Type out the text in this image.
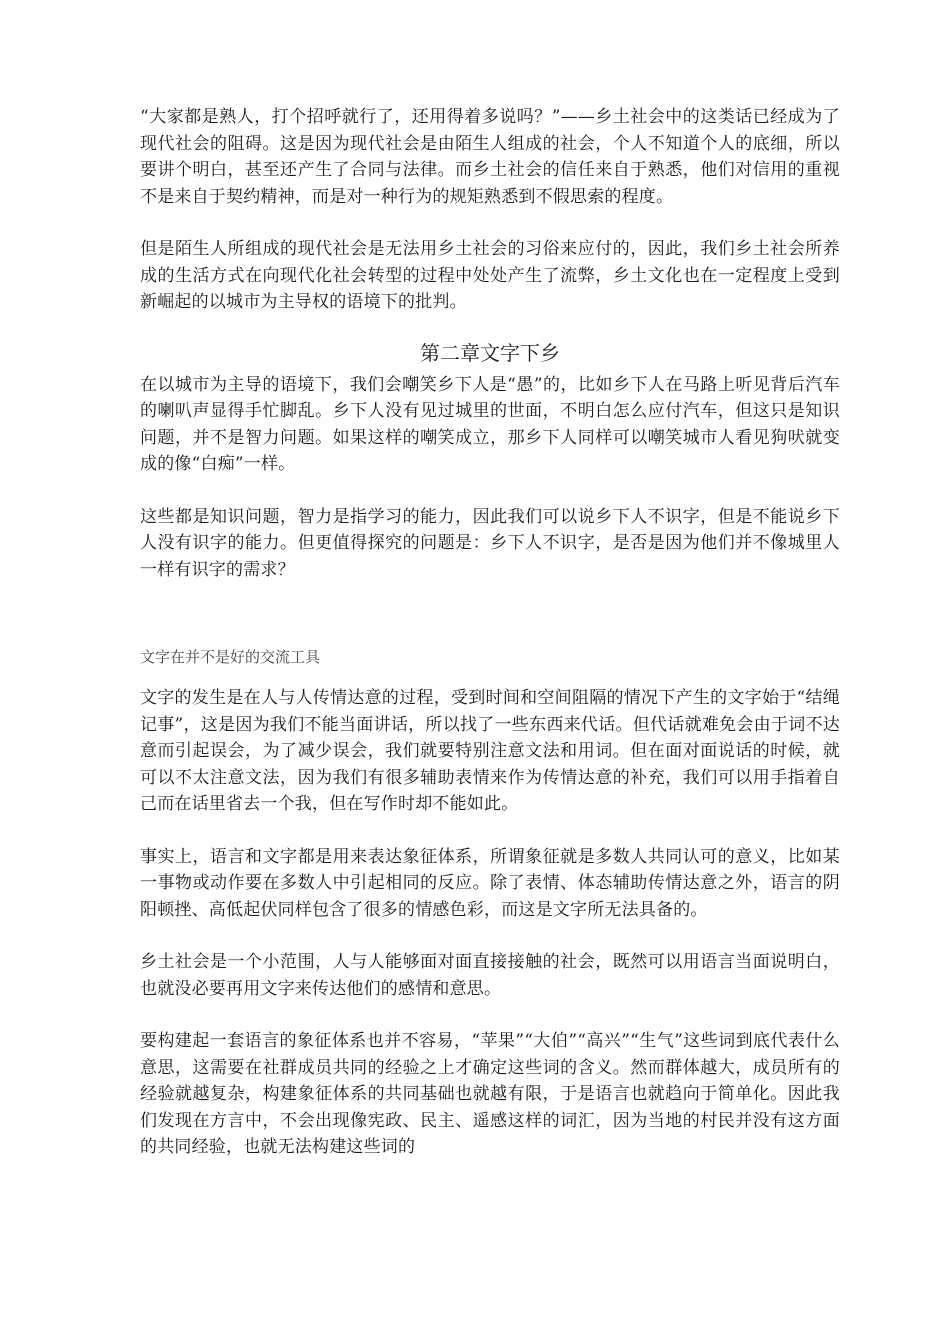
“大家都是熟人，打个招呼就行了，还用得着多说吗？”——乡土社会中的这类话已经成为了现代社会的阻碍。这是因为现代社会是由陌生人组成的社会，个人不知道个人的底细，所以要讲个明白，甚至还产生了合同与法律。而乡土社会的信任来自于熟悉，他们对信用的重视不是来自于契约精神，而是对一种行为的规矩熟悉到不假思索的程度。

但是陌生人所组成的现代社会是无法用乡土社会的习俗来应付的，因此，我们乡土社会所养成的生活方式在向现代化社会转型的过程中处处产生了流弊，乡土文化也在一定程度上受到新崛起的以城市为主导权的语境下的批判。

第二章文字下乡

在以城市为主导的语境下，我们会嘲笑乡下人是“愚”的，比如乡下人在马路上听见背后汽车的喇叭声显得手忙脚乱。乡下人没有见过城里的世面，不明白怎么应付汽车，但这只是知识问题，并不是智力问题。如果这样的嘲笑成立，那乡下人同样可以嘲笑城市人看见狗吠就变成的像“白痴”一样。

这些都是知识问题，智力是指学习的能力，因此我们可以说乡下人不识字，但是不能说乡下人没有识字的能力。但更值得探究的问题是：乡下人不识字，是否是因为他们并不像城里人一样有识字的需求？

文字在并不是好的交流工具

文字的发生是在人与人传情达意的过程，受到时间和空间阻隔的情况下产生的文字始于“结绳记事”，这是因为我们不能当面讲话，所以找了一些东西来代话。但代话就难免会由于词不达意而引起误会，为了减少误会，我们就要特别注意文法和用词。但在面对面说话的时候，就可以不太注意文法，因为我们有很多辅助表情来作为传情达意的补充，我们可以用手指着自己而在话里省去一个我，但在写作时却不能如此。

事实上，语言和文字都是用来表达象征体系，所谓象征就是多数人共同认可的意义，比如某一事物或动作要在多数人中引起相同的反应。除了表情、体态辅助传情达意之外，语言的阴阳顿挫、高低起伏同样包含了很多的情感色彩，而这是文字所无法具备的。

乡土社会是一个小范围，人与人能够面对面直接接触的社会，既然可以用语言当面说明白，也就没必要再用文字来传达他们的感情和意思。

要构建起一套语言的象征体系也并不容易，“苹果”“大伯”“高兴”“生气”这些词到底代表什么意思，这需要在社群成员共同的经验之上才确定这些词的含义。然而群体越大，成员所有的经验就越复杂，构建象征体系的共同基础也就越有限，于是语言也就趋向于简单化。因此我们发现在方言中，不会出现像宪政、民主、遥感这样的词汇，因为当地的村民并没有这方面的共同经验，也就无法构建这些词的
